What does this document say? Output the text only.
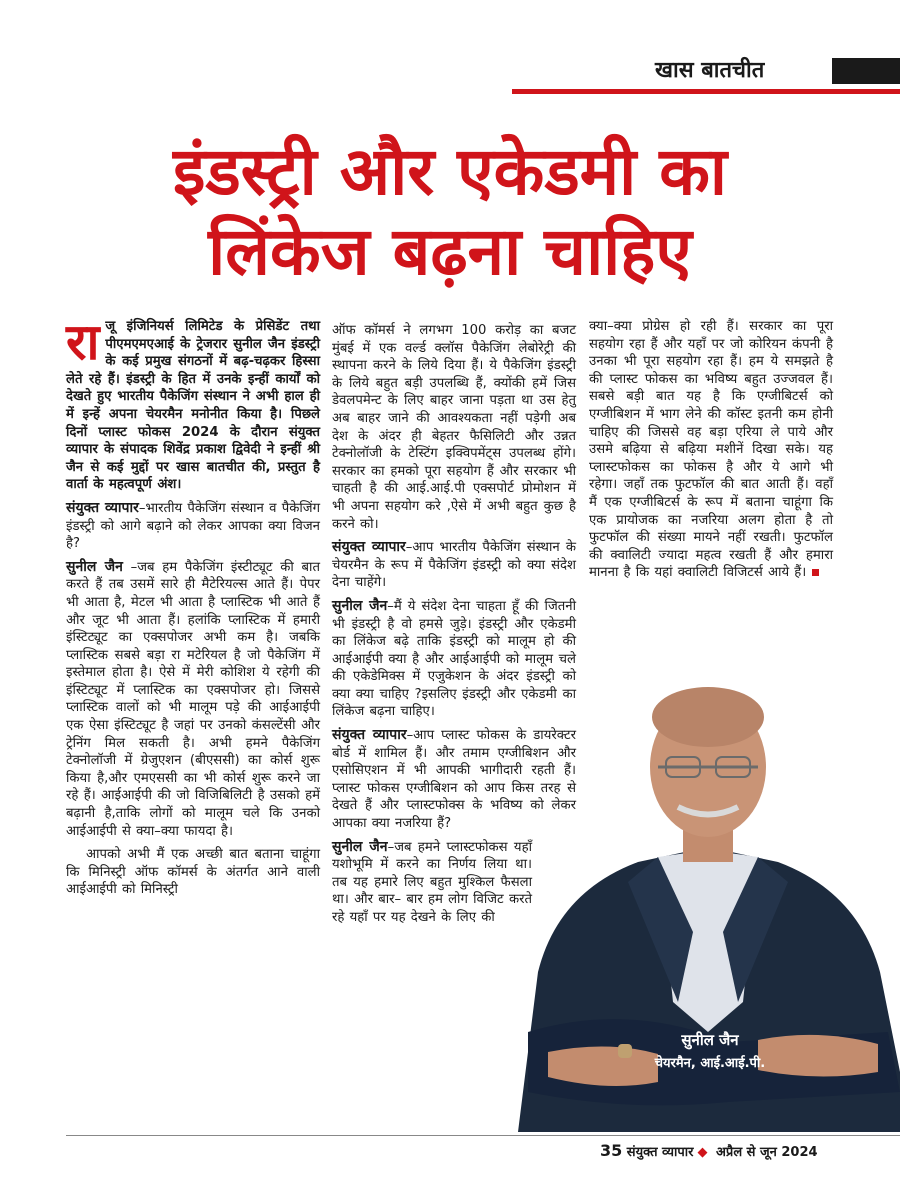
खास बातचीत
इंडस्ट्री और एकेडमी का
लिंकेज बढ़ना चाहिए

राजू इंजिनियर्स लिमिटेड के प्रेसिडेंट तथा पीएमएमएआई के ट्रेजरार सुनील जैन इंडस्ट्री के कई प्रमुख संगठनों में बढ़-चढ़कर हिस्सा लेते रहे हैं। इंडस्ट्री के हित में उनके इन्हीं कार्यों को देखते हुए भारतीय पैकेजिंग संस्थान ने अभी हाल ही में इन्हें अपना चेयरमैन मनोनीत किया है। पिछले दिनों प्लास्ट फोकस 2024 के दौरान संयुक्त व्यापार के संपादक शिवेंद्र प्रकाश द्विवेदी ने इन्हीं श्री जैन से कई मुद्दों पर खास बातचीत की, प्रस्तुत है वार्ता के महत्वपूर्ण अंश।

संयुक्त व्यापार–भारतीय पैकेजिंग संस्थान व पैकेजिंग इंडस्ट्री को आगे बढ़ाने को लेकर आपका क्या विजन है?

सुनील जैन –जब हम पैकेजिंग इंस्टीट्यूट की बात करते हैं तब उसमें सारे ही मैटेरियल्स आते हैं। पेपर भी आता है, मेटल भी आता है प्लास्टिक भी आते हैं और जूट भी आता हैं। हलांकि प्लास्टिक में हमारी इंस्टिट्यूट का एक्सपोजर अभी कम है। जबकि प्लास्टिक सबसे बड़ा रा मटेरियल है जो पैकेजिंग में इस्तेमाल होता है। ऐसे में मेरी कोशिश ये रहेगी की इंस्टिट्यूट में प्लास्टिक का एक्सपोजर हो। जिससे प्लास्टिक वालों को भी मालूम पड़े की आईआईपी एक ऐसा इंस्टिट्यूट है जहां पर उनको कंसल्टेंसी और ट्रेनिंग मिल सकती है। अभी हमने पैकेजिंग टेक्नोलॉजी में ग्रेजुएशन (बीएससी) का कोर्स शुरू किया है,और एमएससी का भी कोर्स शुरू करने जा रहे हैं। आईआईपी की जो विजिबिलिटी है उसको हमें बढ़ानी है,ताकि लोगों को मालूम चले कि उनको आईआईपी से क्या–क्या फायदा है।

आपको अभी मैं एक अच्छी बात बताना चाहूंगा कि मिनिस्ट्री ऑफ कॉमर्स के अंतर्गत आने वाली आईआईपी को मिनिस्ट्री

ऑफ कॉमर्स ने लगभग 100 करोड़ का बजट मुंबई में एक वर्ल्ड क्लॉस पैकेजिंग लेबोरेट्री की स्थापना करने के लिये दिया हैं। ये पैकेजिंग इंडस्ट्री के लिये बहुत बड़ी उपलब्धि हैं, क्योंकी हमें जिस डेवलपमेन्ट के लिए बाहर जाना पड़ता था उस हेतु अब बाहर जाने की आवश्यकता नहीं पड़ेगी अब देश के अंदर ही बेहतर फैसिलिटी और उन्नत टेक्नोलॉजी के टेस्टिंग इक्विपमेंट्स उपलब्ध होंगे। सरकार का हमको पूरा सहयोग हैं और सरकार भी चाहती है की आई.आई.पी एक्सपोर्ट प्रोमोशन में भी अपना सहयोग करे ,ऐसे में अभी बहुत कुछ है करने को।

संयुक्त व्यापार–आप भारतीय पैकेजिंग संस्थान के चेयरमैन के रूप में पैकेजिंग इंडस्ट्री को क्या संदेश देना चाहेंगे।

सुनील जैन–मैं ये संदेश देना चाहता हूँ की जितनी भी इंडस्ट्री है वो हमसे जुड़े। इंडस्ट्री और एकेडमी का लिंकेज बढ़े ताकि इंडस्ट्री को मालूम हो की आईआईपी क्या है और आईआईपी को मालूम चले की एकेडेमिक्स में एजुकेशन के अंदर इंडस्ट्री को क्या क्या चाहिए ?इसलिए इंडस्ट्री और एकेडमी का लिंकेज बढ़ना चाहिए।

संयुक्त व्यापार–आप प्लास्ट फोकस के डायरेक्टर बोर्ड में शामिल हैं। और तमाम एग्जीबिशन और एसोसिएशन में भी आपकी भागीदारी रहती हैं। प्लास्ट फोकस एग्जीबिशन को आप किस तरह से देखते हैं और प्लास्टफोक्स के भविष्य को लेकर आपका क्या नजरिया हैं?

सुनील जैन–जब हमने प्लास्टफोकस यहाँ यशोभूमि में करने का निर्णय लिया था। तब यह हमारे लिए बहुत मुश्किल फैसला था। और बार– बार हम लोग विजिट करते रहे यहाँ पर यह देखने के लिए की

क्या–क्या प्रोग्रेस हो रही हैं। सरकार का पूरा सहयोग रहा हैं और यहाँ पर जो कोरियन कंपनी है उनका भी पूरा सहयोग रहा हैं। हम ये समझते है की प्लास्ट फोकस का भविष्य बहुत उज्जवल हैं। सबसे बड़ी बात यह है कि एग्जीबिटर्स को एग्जीबिशन में भाग लेने की कॉस्ट इतनी कम होनी चाहिए की जिससे वह बड़ा एरिया ले पाये और उसमे बढ़िया से बढ़िया मशीनें दिखा सके। यह प्लास्टफोकस का फोकस है और ये आगे भी रहेगा। जहाँ तक फुटफॉल की बात आती हैं। वहाँ मैं एक एग्जीबिटर्स के रूप में बताना चाहूंगा कि एक प्रायोजक का नजरिया अलग होता है तो फुटफॉल की संख्या मायने नहीं रखती। फुटफॉल की क्वालिटी ज्यादा महत्व रखती हैं और हमारा मानना है कि यहां क्वालिटी विजिटर्स आये हैं।

सुनील जैन
चेयरमैन, आई.आई.पी.
35 संयुक्त व्यापार ◆ अप्रैल से जून 2024
